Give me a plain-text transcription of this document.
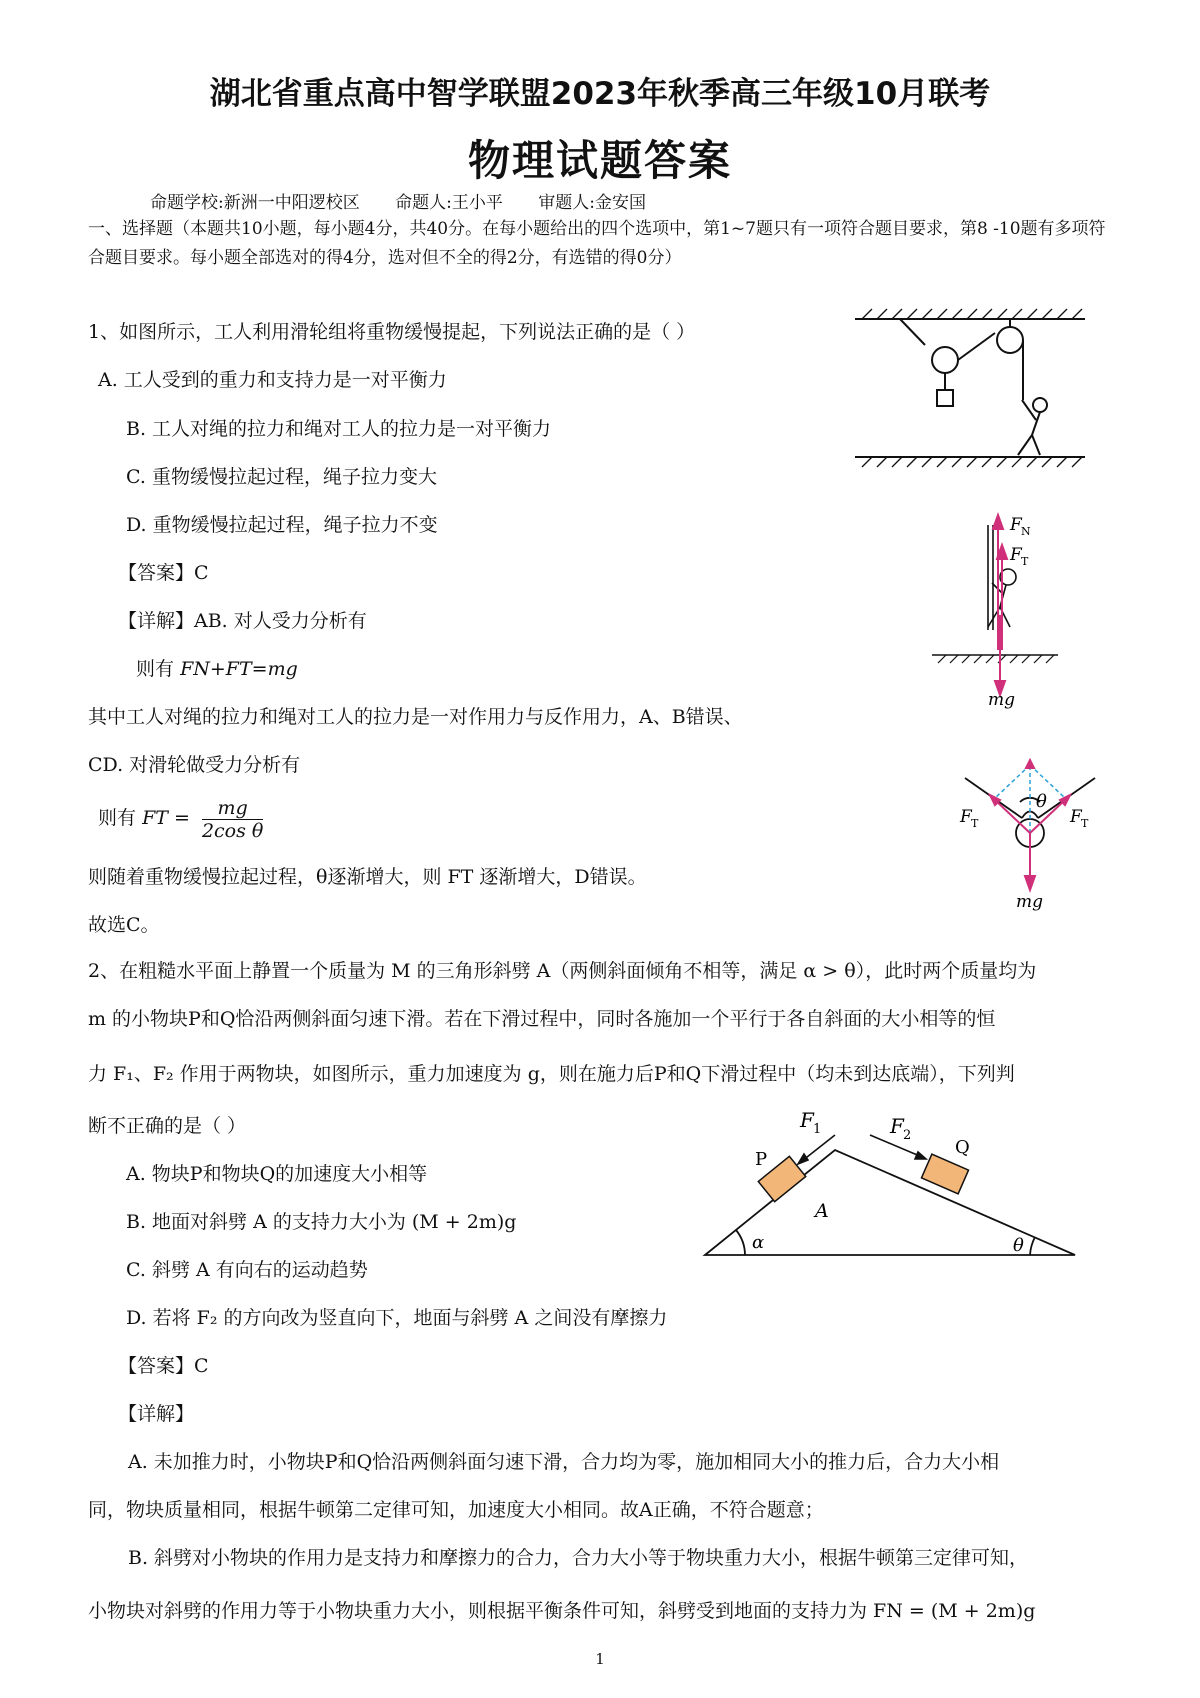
湖北省重点高中智学联盟2023年秋季高三年级10月联考
物理试题答案
命题学校:新洲一中阳逻校区 命题人:王小平 审题人:金安国
一、选择题（本题共10小题，每小题4分，共40分。在每小题给出的四个选项中，第1~7题只有一项符合题目要求，第8 -10题有多项符合题目要求。每小题全部选对的得4分，选对但不全的得2分，有选错的得0分）
1、如图所示，工人利用滑轮组将重物缓慢提起，下列说法正确的是（ ）
A. 工人受到的重力和支持力是一对平衡力
B. 工人对绳的拉力和绳对工人的拉力是一对平衡力
C. 重物缓慢拉起过程，绳子拉力变大
D. 重物缓慢拉起过程，绳子拉力不变
【答案】C
【详解】AB. 对人受力分析有
则有 FN+FT=mg
其中工人对绳的拉力和绳对工人的拉力是一对作用力与反作用力，A、B错误、
CD. 对滑轮做受力分析有
则有 FT = $\frac{mg}{\text{2cos θ}}$
则随着重物缓慢拉起过程，θ逐渐增大，则 FT 逐渐增大，D错误。
故选C。
2、在粗糙水平面上静置一个质量为 M 的三角形斜劈 A（两侧斜面倾角不相等，满足 α > θ），此时两个质量均为
m 的小物块P和Q恰沿两侧斜面匀速下滑。若在下滑过程中，同时各施加一个平行于各自斜面的大小相等的恒
力 F₁、F₂ 作用于两物块，如图所示，重力加速度为 g，则在施力后P和Q下滑过程中（均未到达底端），下列判
断不正确的是（ ）
A. 物块P和物块Q的加速度大小相等
B. 地面对斜劈 A 的支持力大小为 (M + 2m)g
C. 斜劈 A 有向右的运动趋势
D. 若将 F₂ 的方向改为竖直向下，地面与斜劈 A 之间没有摩擦力
【答案】C
【详解】
A. 未加推力时，小物块P和Q恰沿两侧斜面匀速下滑，合力均为零，施加相同大小的推力后，合力大小相
同，物块质量相同，根据牛顿第二定律可知，加速度大小相同。故A正确，不符合题意；
B. 斜劈对小物块的作用力是支持力和摩擦力的合力，合力大小等于物块重力大小，根据牛顿第三定律可知，
小物块对斜劈的作用力等于小物块重力大小，则根据平衡条件可知，斜劈受到地面的支持力为 FN = (M + 2m)g
1
F N
F T
mg
θ
F T	F T
mg
F 1	F 2
P
Q
A
α	θ
